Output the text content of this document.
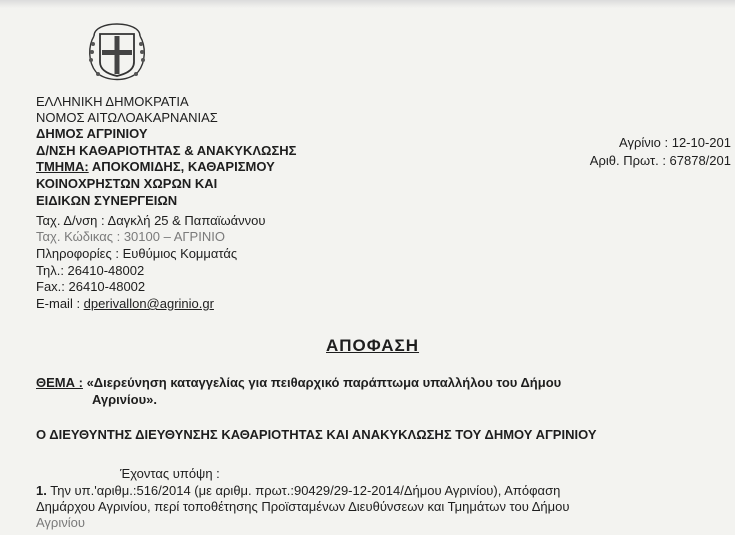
ΕΛΛΗΝΙΚΗ ΔΗΜΟΚΡΑΤΙΑ
ΝΟΜΟΣ ΑΙΤΩΛΟΑΚΑΡΝΑΝΙΑΣ
ΔΗΜΟΣ ΑΓΡΙΝΙΟΥ
Δ/ΝΣΗ ΚΑΘΑΡΙΟΤΗΤΑΣ & ΑΝΑΚΥΚΛΩΣΗΣ
ΤΜΗΜΑ: ΑΠΟΚΟΜΙΔΗΣ, ΚΑΘΑΡΙΣΜΟΥ
ΚΟΙΝΟΧΡΗΣΤΩΝ ΧΩΡΩΝ ΚΑΙ
ΕΙΔΙΚΩΝ ΣΥΝΕΡΓΕΙΩΝ
Ταχ. Δ/νση : Δαγκλή 25 & Παπαϊωάννου
Ταχ. Κώδικας : 30100 – ΑΓΡΙΝΙΟ
Πληροφορίες : Ευθύμιος Κομματάς
Τηλ.: 26410-48002
Fax.: 26410-48002
E-mail : dperivallon@agrinio.gr
Αγρίνιο : 12-10-201
Αριθ. Πρωτ. : 67878/201
ΑΠΟΦΑΣΗ
ΘΕΜΑ : «Διερεύνηση καταγγελίας για πειθαρχικό παράπτωμα υπαλλήλου του Δήμου
Αγρινίου».
Ο ΔΙΕΥΘΥΝΤΗΣ ΔΙΕΥΘΥΝΣΗΣ ΚΑΘΑΡΙΟΤΗΤΑΣ ΚΑΙ ΑΝΑΚΥΚΛΩΣΗΣ ΤΟΥ ΔΗΜΟΥ ΑΓΡΙΝΙΟΥ
Έχοντας υπόψη :
1. Την υπ.'αριθμ.:516/2014 (με αριθμ. πρωτ.:90429/29-12-2014/Δήμου Αγρινίου), Απόφαση
Δημάρχου Αγρινίου, περί τοποθέτησης Προϊσταμένων Διευθύνσεων και Τμημάτων του Δήμου
Αγρινίου
